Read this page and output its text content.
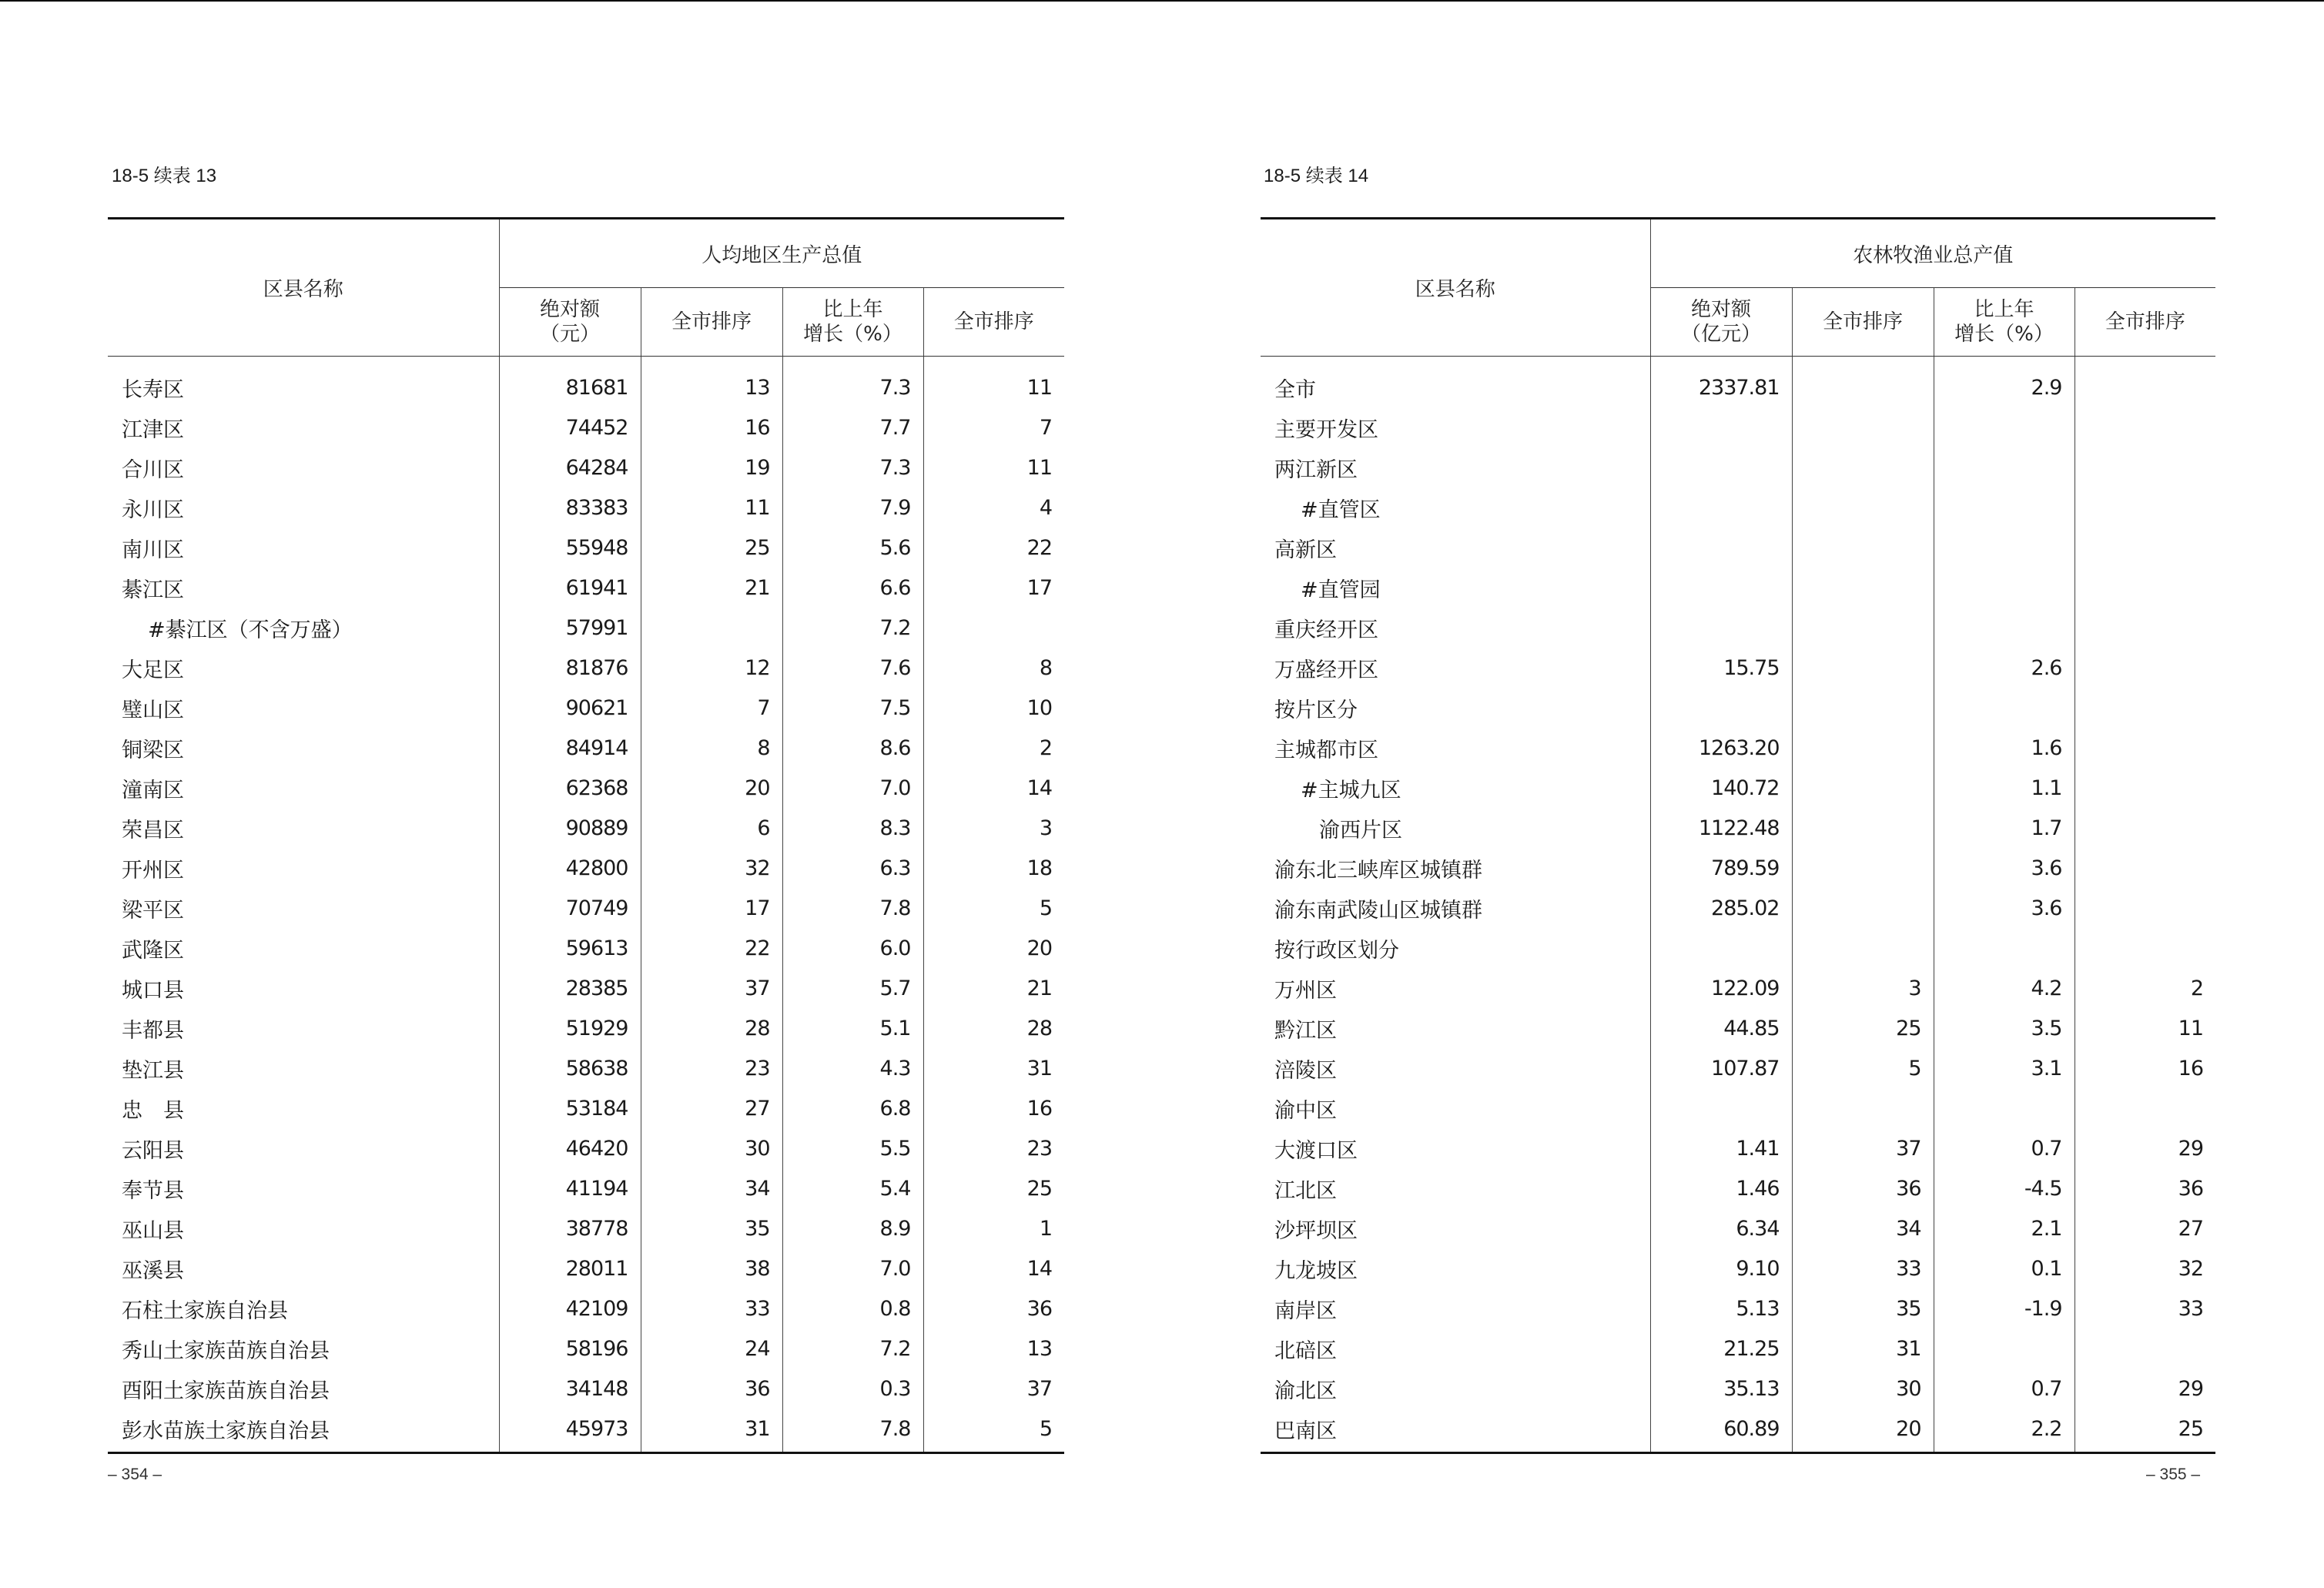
18-5 续表 13
区县名称	人均地区生产总值			
	绝对额
（元）	全市排序	比上年
增长（%）	全市排序
长寿区	81681	13	7.3	11
江津区	74452	16	7.7	7
合川区	64284	19	7.3	11
永川区	83383	11	7.9	4
南川区	55948	25	5.6	22
綦江区	61941	21	6.6	17
#綦江区（不含万盛）	57991		7.2	
大足区	81876	12	7.6	8
璧山区	90621	7	7.5	10
铜梁区	84914	8	8.6	2
潼南区	62368	20	7.0	14
荣昌区	90889	6	8.3	3
开州区	42800	32	6.3	18
梁平区	70749	17	7.8	5
武隆区	59613	22	6.0	20
城口县	28385	37	5.7	21
丰都县	51929	28	5.1	28
垫江县	58638	23	4.3	31
忠　县	53184	27	6.8	16
云阳县	46420	30	5.5	23
奉节县	41194	34	5.4	25
巫山县	38778	35	8.9	1
巫溪县	28011	38	7.0	14
石柱土家族自治县	42109	33	0.8	36
秀山土家族苗族自治县	58196	24	7.2	13
酉阳土家族苗族自治县	34148	36	0.3	37
彭水苗族土家族自治县	45973	31	7.8	5
– 354 –
18-5 续表 14
区县名称	农林牧渔业总产值			
	绝对额
（亿元）	全市排序	比上年
增长（%）	全市排序
全市	2337.81		2.9	
主要开发区				
两江新区				
#直管区				
高新区				
#直管园				
重庆经开区				
万盛经开区	15.75		2.6	
按片区分				
主城都市区	1263.20		1.6	
#主城九区	140.72		1.1	
渝西片区	1122.48		1.7	
渝东北三峡库区城镇群	789.59		3.6	
渝东南武陵山区城镇群	285.02		3.6	
按行政区划分				
万州区	122.09	3	4.2	2
黔江区	44.85	25	3.5	11
涪陵区	107.87	5	3.1	16
渝中区				
大渡口区	1.41	37	0.7	29
江北区	1.46	36	-4.5	36
沙坪坝区	6.34	34	2.1	27
九龙坡区	9.10	33	0.1	32
南岸区	5.13	35	-1.9	33
北碚区	21.25	31		
渝北区	35.13	30	0.7	29
巴南区	60.89	20	2.2	25
– 355 –
